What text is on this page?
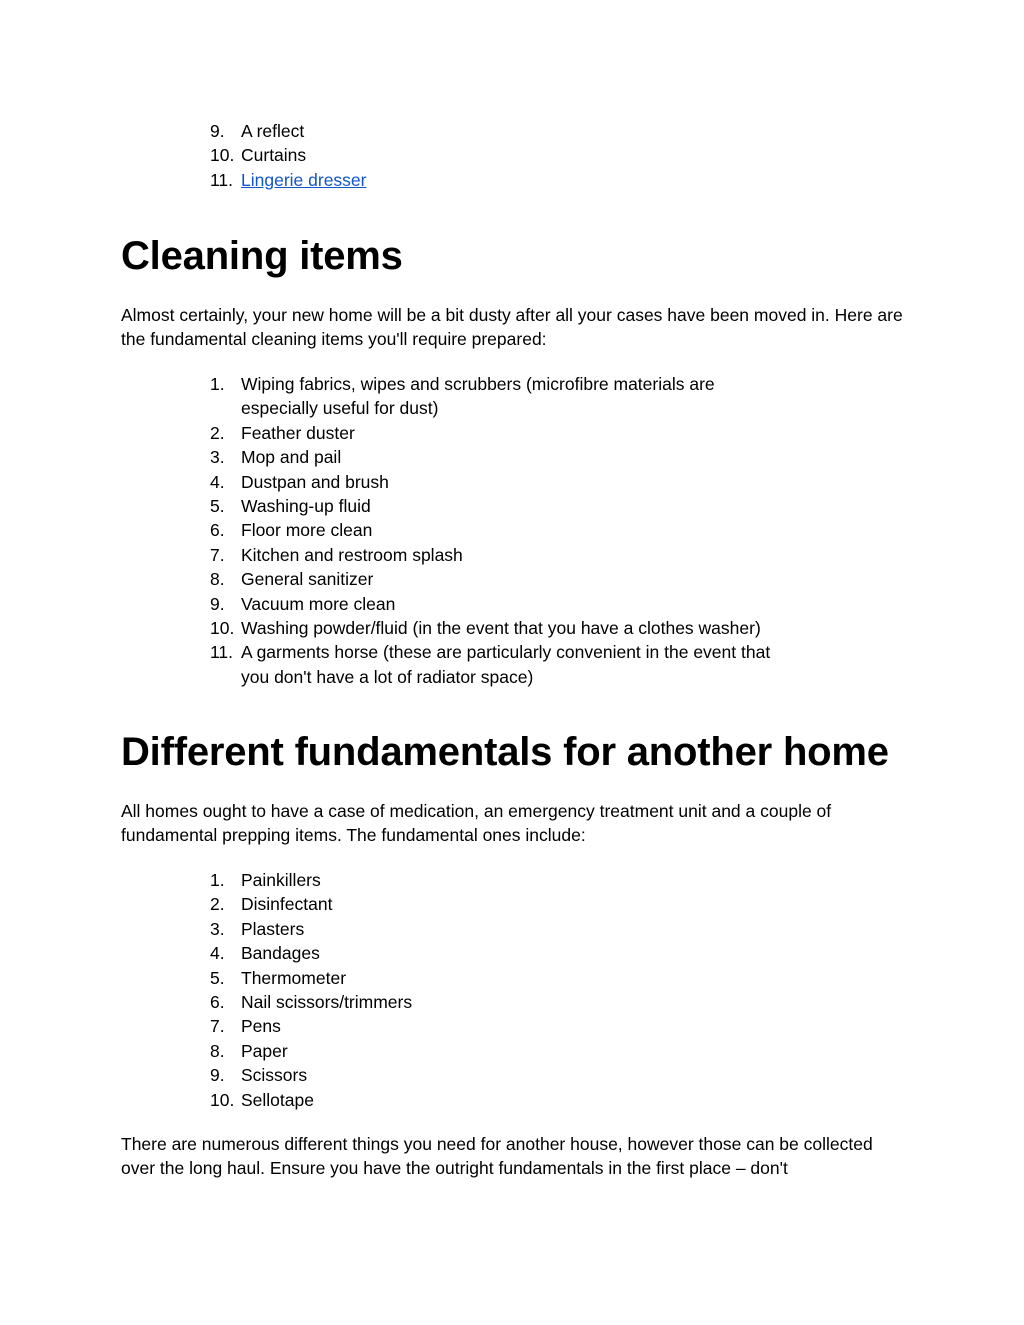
9. A reflect
10. Curtains
11. Lingerie dresser
Cleaning items

Almost certainly, your new home will be a bit dusty after all your cases have been moved in. Here are the fundamental cleaning items you'll require prepared:

1. Wiping fabrics, wipes and scrubbers (microfibre materials are especially useful for dust)
2. Feather duster
3. Mop and pail
4. Dustpan and brush
5. Washing-up fluid
6. Floor more clean
7. Kitchen and restroom splash
8. General sanitizer
9. Vacuum more clean
10. Washing powder/fluid (in the event that you have a clothes washer)
11. A garments horse (these are particularly convenient in the event that you don't have a lot of radiator space)
Different fundamentals for another home

All homes ought to have a case of medication, an emergency treatment unit and a couple of fundamental prepping items. The fundamental ones include:

1. Painkillers
2. Disinfectant
3. Plasters
4. Bandages
5. Thermometer
6. Nail scissors/trimmers
7. Pens
8. Paper
9. Scissors
10. Sellotape

There are numerous different things you need for another house, however those can be collected over the long haul. Ensure you have the outright fundamentals in the first place – don't
